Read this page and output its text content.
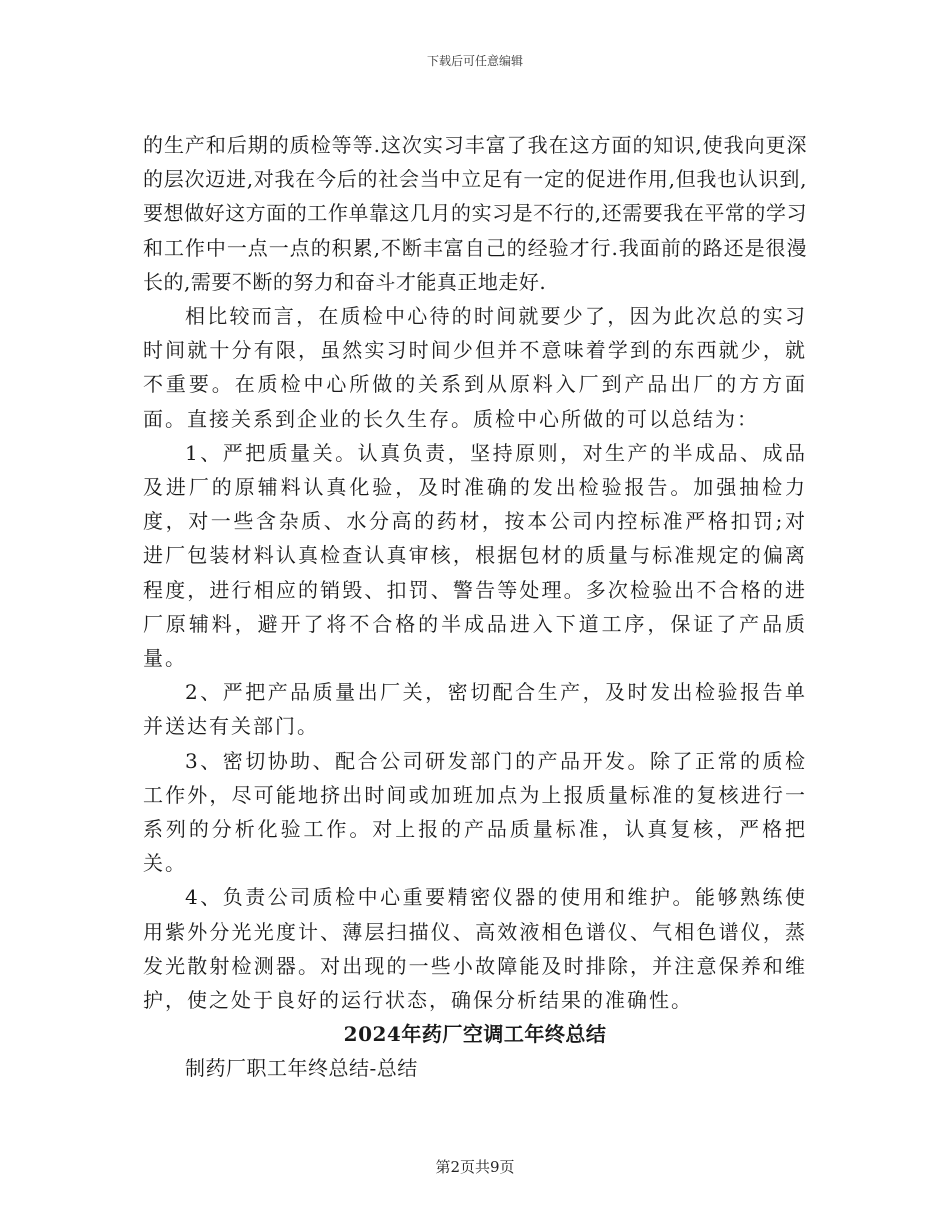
下载后可任意编辑

的生产和后期的质检等等.这次实习丰富了我在这方面的知识,使我向更深的层次迈进,对我在今后的社会当中立足有一定的促进作用,但我也认识到,要想做好这方面的工作单靠这几月的实习是不行的,还需要我在平常的学习和工作中一点一点的积累,不断丰富自己的经验才行.我面前的路还是很漫长的,需要不断的努力和奋斗才能真正地走好.

相比较而言，在质检中心待的时间就要少了，因为此次总的实习时间就十分有限，虽然实习时间少但并不意味着学到的东西就少，就不重要。在质检中心所做的关系到从原料入厂到产品出厂的方方面面。直接关系到企业的长久生存。质检中心所做的可以总结为：

1、严把质量关。认真负责，坚持原则，对生产的半成品、成品及进厂的原辅料认真化验，及时准确的发出检验报告。加强抽检力度，对一些含杂质、水分高的药材，按本公司内控标准严格扣罚;对进厂包装材料认真检查认真审核，根据包材的质量与标准规定的偏离程度，进行相应的销毁、扣罚、警告等处理。多次检验出不合格的进厂原辅料，避开了将不合格的半成品进入下道工序，保证了产品质量。

2、严把产品质量出厂关，密切配合生产，及时发出检验报告单并送达有关部门。

3、密切协助、配合公司研发部门的产品开发。除了正常的质检工作外，尽可能地挤出时间或加班加点为上报质量标准的复核进行一系列的分析化验工作。对上报的产品质量标准，认真复核，严格把关。

4、负责公司质检中心重要精密仪器的使用和维护。能够熟练使用紫外分光光度计、薄层扫描仪、高效液相色谱仪、气相色谱仪，蒸发光散射检测器。对出现的一些小故障能及时排除，并注意保养和维护，使之处于良好的运行状态，确保分析结果的准确性。

2024年药厂空调工年终总结

制药厂职工年终总结-总结

第2页共9页
